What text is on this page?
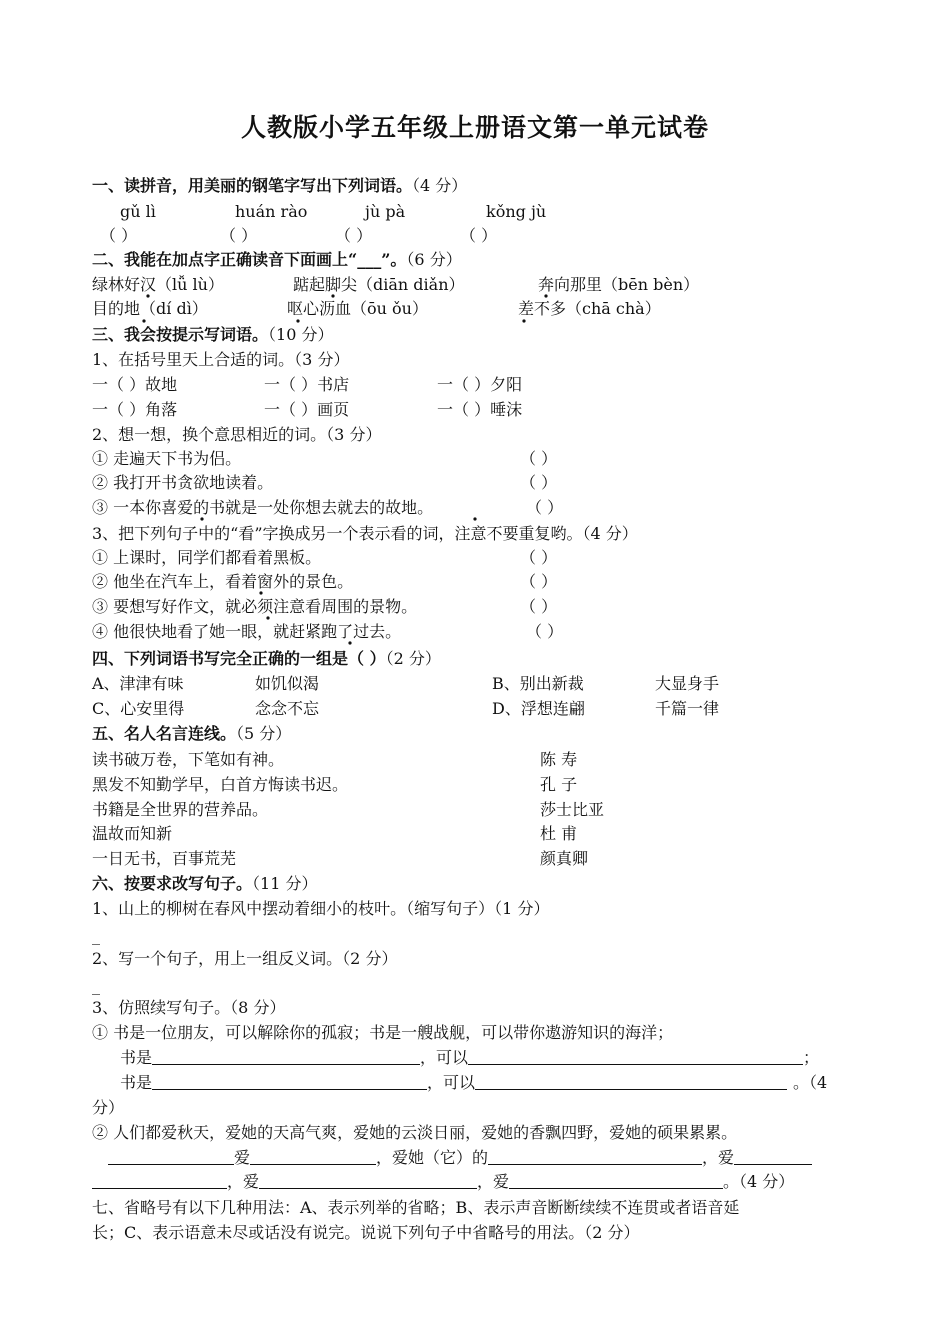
人教版小学五年级上册语文第一单元试卷
一、读拼音，用美丽的钢笔字写出下列词语。（4 分）
gǔ lì	huán rào	jù pà	kǒng jù
（ ）	（ ）	（ ）	（ ）
二、我能在加点字正确读音下面画上“___”。（6 分）
绿林好汉（lǚ lù）	踮起脚尖（diān diǎn）	奔向那里（bēn bèn）
目的地（dí dì）	呕心沥血（ōu ǒu）	差不多（chā chà）
三、我会按提示写词语。（10 分）
1、在括号里天上合适的词。（3 分）
一（ ）故地	一（ ）书店	一（ ）夕阳
一（ ）角落	一（ ）画页	一（ ）唾沫
2、想一想，换个意思相近的词。（3 分）
① 走遍天下书为侣。	（ ）
② 我打开书贪欲地读着。	（ ）
③ 一本你喜爱的书就是一处你想去就去的故地。	（ ）
3、把下列句子中的“看”字换成另一个表示看的词，注意不要重复哟。（4 分）
① 上课时，同学们都看着黑板。	（ ）
② 他坐在汽车上，看着窗外的景色。	（ ）
③ 要想写好作文，就必须注意看周围的景物。	（ ）
④ 他很快地看了她一眼，就赶紧跑了过去。	（ ）
四、下列词语书写完全正确的一组是（ ）（2 分）
A、津津有味	如饥似渴	B、别出新裁	大显身手
C、心安里得	念念不忘	D、浮想连翩	千篇一律
五、名人名言连线。（5 分）
读书破万卷，下笔如有神。	陈 寿
黑发不知勤学早，白首方悔读书迟。	孔 子
书籍是全世界的营养品。	莎士比亚
温故而知新	杜 甫
一日无书，百事荒芜	颜真卿
六、按要求改写句子。（11 分）
1、山上的柳树在春风中摆动着细小的枝叶。（缩写句子）（1 分）
_
2、写一个句子，用上一组反义词。（2 分）
_
3、仿照续写句子。（8 分）
① 书是一位朋友，可以解除你的孤寂；书是一艘战舰，可以带你遨游知识的海洋；
书是	，可以	；
书是	，可以	。（4
分）
② 人们都爱秋天，爱她的天高气爽，爱她的云淡日丽，爱她的香飘四野，爱她的硕果累累。
爱	，爱她（它）的	，爱
，爱	，爱	。（4 分）
七、省略号有以下几种用法：A、表示列举的省略；B、表示声音断断续续不连贯或者语音延
长；C、表示语意未尽或话没有说完。说说下列句子中省略号的用法。（2 分）
